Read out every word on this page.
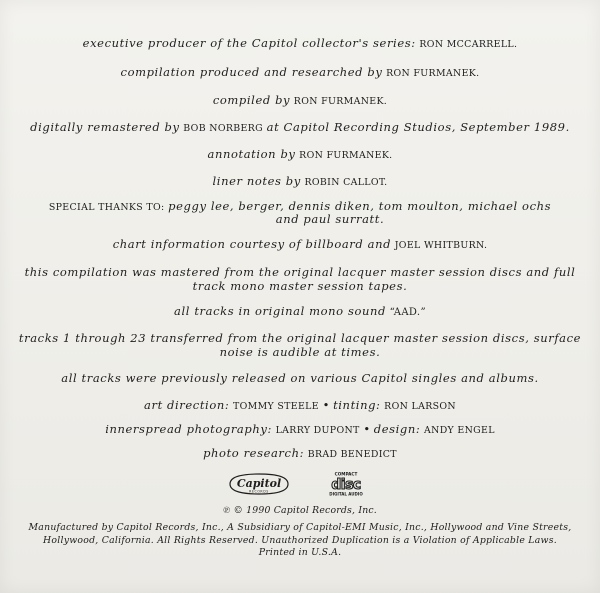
executive producer of the Capitol collector's series: RON MCCARRELL.
compilation produced and researched by RON FURMANEK.
compiled by RON FURMANEK.
digitally remastered by BOB NORBERG at Capitol Recording Studios, September 1989.
annotation by RON FURMANEK.
liner notes by ROBIN CALLOT.
SPECIAL THANKS TO: peggy lee, berger, dennis diken, tom moulton, michael ochs
and paul surratt.
chart information courtesy of billboard and JOEL WHITBURN.
this compilation was mastered from the original lacquer master session discs and full
track mono master session tapes.
all tracks in original mono sound “AAD.”
tracks 1 through 23 transferred from the original lacquer master session discs, surface
noise is audible at times.
all tracks were previously released on various Capitol singles and albums.
art direction: TOMMY STEELE • tinting: RON LARSON
innerspread photography: LARRY DUPONT • design: ANDY ENGEL
photo research: BRAD BENEDICT
Capitol
RECORDS
COMPACT
disc
DIGITAL AUDIO
℗ © 1990 Capitol Records, Inc.
Manufactured by Capitol Records, Inc., A Subsidiary of Capitol-EMI Music, Inc., Hollywood and Vine Streets,
Hollywood, California. All Rights Reserved. Unauthorized Duplication is a Violation of Applicable Laws.
Printed in U.S.A.
